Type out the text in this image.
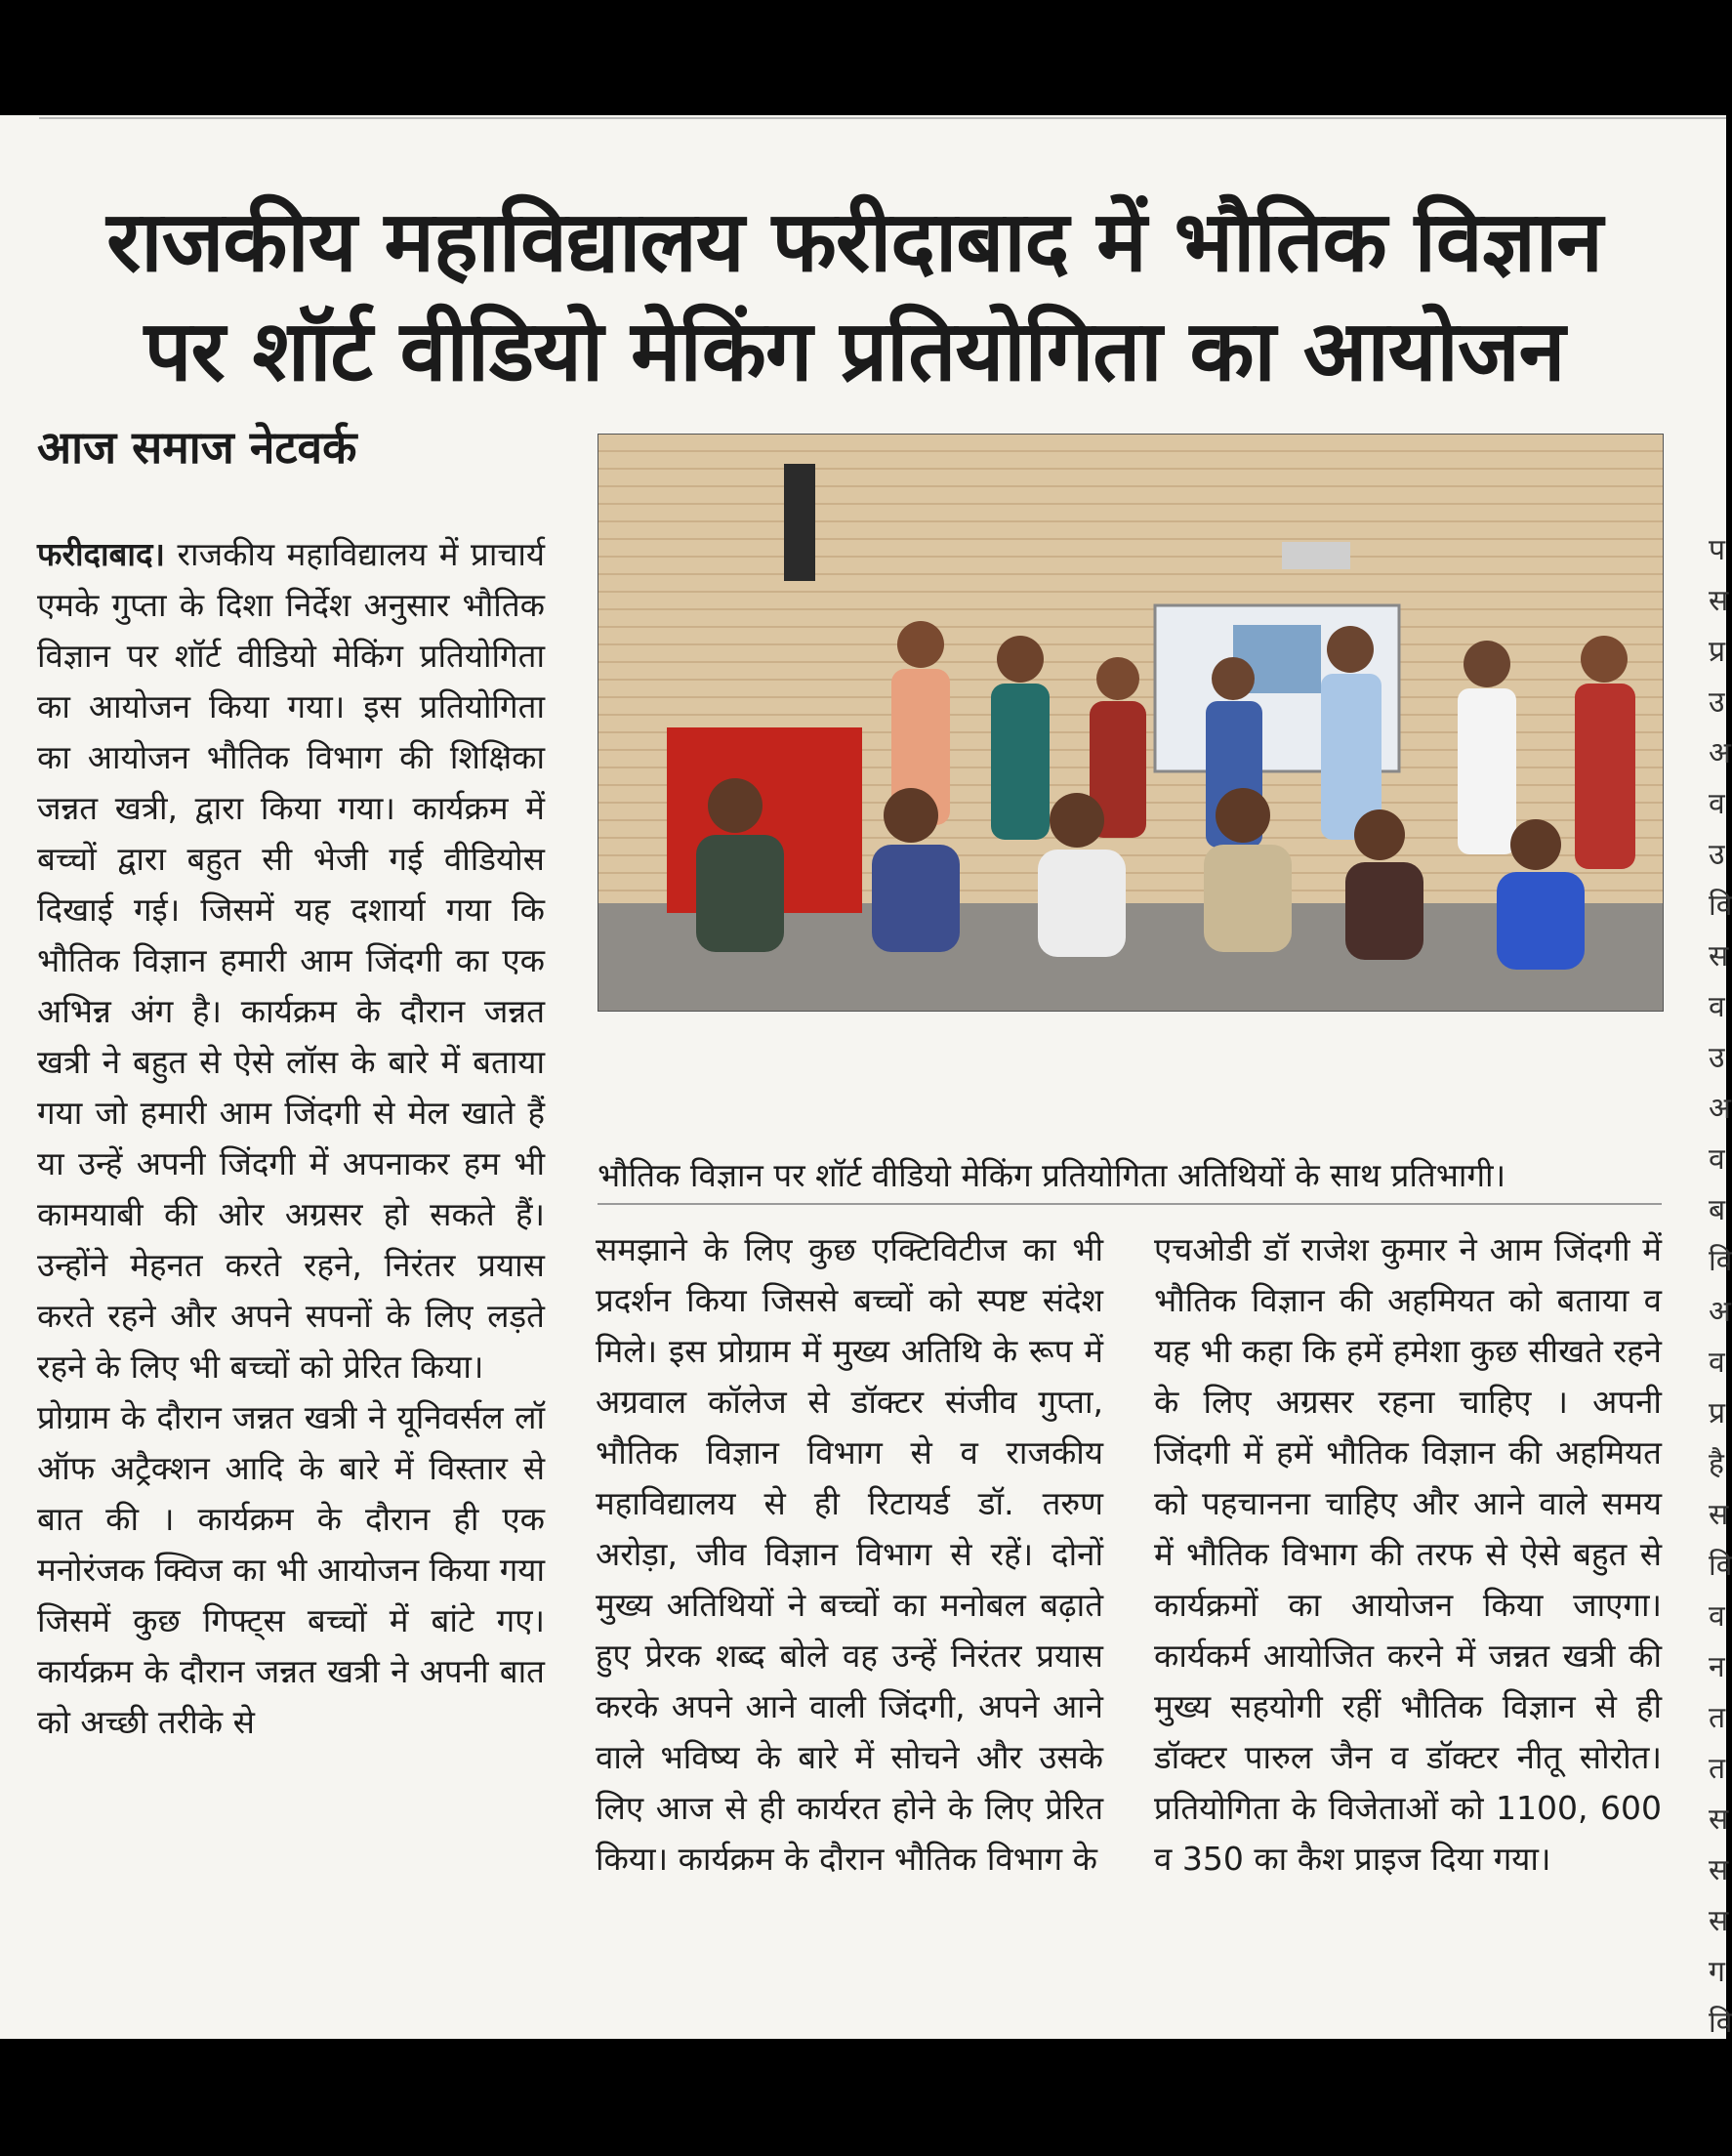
राजकीय महाविद्यालय फरीदाबाद में भौतिक विज्ञान
पर शॉर्ट वीडियो मेकिंग प्रतियोगिता का आयोजन
आज समाज नेटवर्क

फरीदाबाद। राजकीय महाविद्यालय में प्राचार्य एमके गुप्ता के दिशा निर्देश अनुसार भौतिक विज्ञान पर शॉर्ट वीडियो मेकिंग प्रतियोगिता का आयोजन किया गया। इस प्रतियोगिता का आयोजन भौतिक विभाग की शिक्षिका जन्नत खत्री, द्वारा किया गया। कार्यक्रम में बच्चों द्वारा बहुत सी भेजी गई वीडियोस दिखाई गई। जिसमें यह दशार्या गया कि भौतिक विज्ञान हमारी आम जिंदगी का एक अभिन्न अंग है। कार्यक्रम के दौरान जन्नत खत्री ने बहुत से ऐसे लॉस के बारे में बताया गया जो हमारी आम जिंदगी से मेल खाते हैं या उन्हें अपनी जिंदगी में अपनाकर हम भी कामयाबी की ओर अग्रसर हो सकते हैं। उन्होंने मेहनत करते रहने, निरंतर प्रयास करते रहने और अपने सपनों के लिए लड़ते रहने के लिए भी बच्चों को प्रेरित किया।

प्रोग्राम के दौरान जन्नत खत्री ने यूनिवर्सल लॉ ऑफ अट्रैक्शन आदि के बारे में विस्तार से बात की । कार्यक्रम के दौरान ही एक मनोरंजक क्विज का भी आयोजन किया गया जिसमें कुछ गिफ्ट्स बच्चों में बांटे गए। कार्यक्रम के दौरान जन्नत खत्री ने अपनी बात को अच्छी तरीके से

भौतिक विज्ञान पर शॉर्ट वीडियो मेकिंग प्रतियोगिता अतिथियों के साथ प्रतिभागी।

समझाने के लिए कुछ एक्टिविटीज का भी प्रदर्शन किया जिससे बच्चों को स्पष्ट संदेश मिले। इस प्रोग्राम में मुख्य अतिथि के रूप में अग्रवाल कॉलेज से डॉक्टर संजीव गुप्ता, भौतिक विज्ञान विभाग से व राजकीय महाविद्यालय से ही रिटायर्ड डॉ. तरुण अरोड़ा, जीव विज्ञान विभाग से रहें। दोनों मुख्य अतिथियों ने बच्चों का मनोबल बढ़ाते हुए प्रेरक शब्द बोले वह उन्हें निरंतर प्रयास करके अपने आने वाली जिंदगी, अपने आने वाले भविष्य के बारे में सोचने और उसके लिए आज से ही कार्यरत होने के लिए प्रेरित किया। कार्यक्रम के दौरान भौतिक विभाग के

एचओडी डॉ राजेश कुमार ने आम जिंदगी में भौतिक विज्ञान की अहमियत को बताया व यह भी कहा कि हमें हमेशा कुछ सीखते रहने के लिए अग्रसर रहना चाहिए । अपनी जिंदगी में हमें भौतिक विज्ञान की अहमियत को पहचानना चाहिए और आने वाले समय में भौतिक विभाग की तरफ से ऐसे बहुत से कार्यक्रमों का आयोजन किया जाएगा। कार्यकर्म आयोजित करने में जन्नत खत्री की मुख्य सहयोगी रहीं भौतिक विज्ञान से ही डॉक्टर पारुल जैन व डॉक्टर नीतू सोरोत। प्रतियोगिता के विजेताओं को 1100, 600 व 350 का कैश प्राइज दिया गया।

प
स
प्र
उ
अ
व
उ
वि
स
व
उ
अ
व
ब
वि
अ
व
प्र
है
स
वि
व
न
त
त
स
स
स
ग
वि
